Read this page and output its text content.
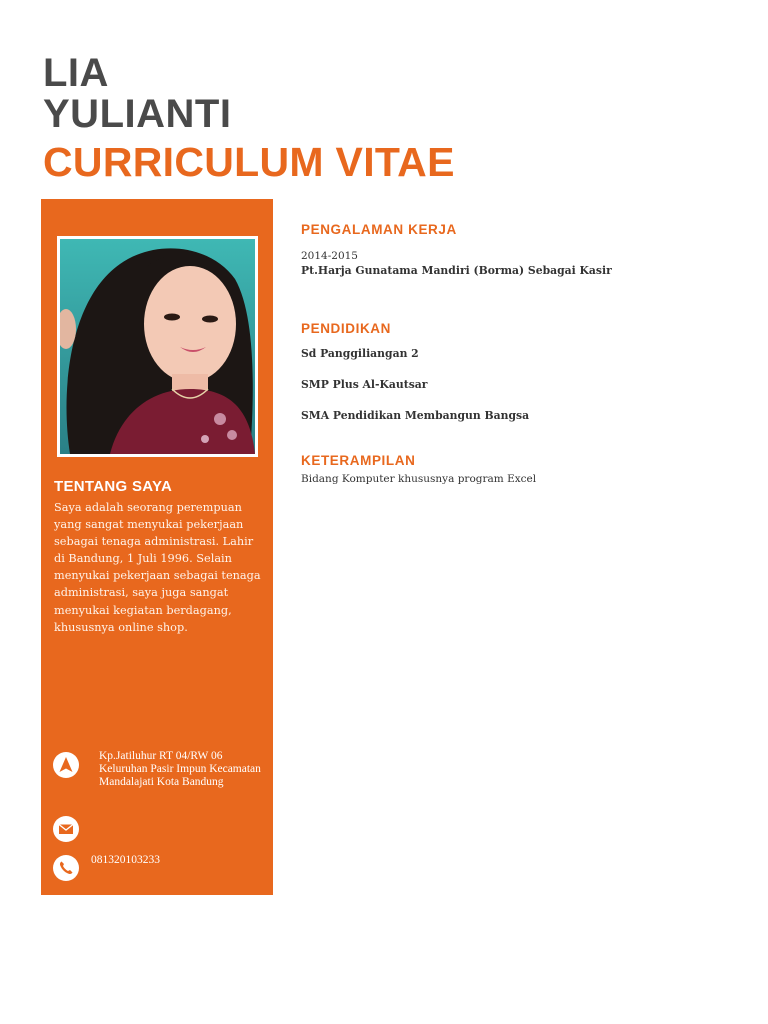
LIA
YULIANTI
CURRICULUM VITAE
TENTANG SAYA

Saya adalah seorang perempuan yang sangat menyukai pekerjaan sebagai tenaga administrasi. Lahir di Bandung, 1 Juli 1996. Selain menyukai pekerjaan sebagai tenaga administrasi, saya juga sangat menyukai kegiatan berdagang, khususnya online shop.

Kp.Jatiluhur RT 04/RW 06 Keluruhan Pasir Impun Kecamatan Mandalajati Kota Bandung

081320103233

PENGALAMAN KERJA

2014-2015

Pt.Harja Gunatama Mandiri (Borma) Sebagai Kasir

PENDIDIKAN

Sd Panggiliangan 2

SMP Plus Al-Kautsar

SMA Pendidikan Membangun Bangsa

KETERAMPILAN

Bidang Komputer khususnya program Excel
